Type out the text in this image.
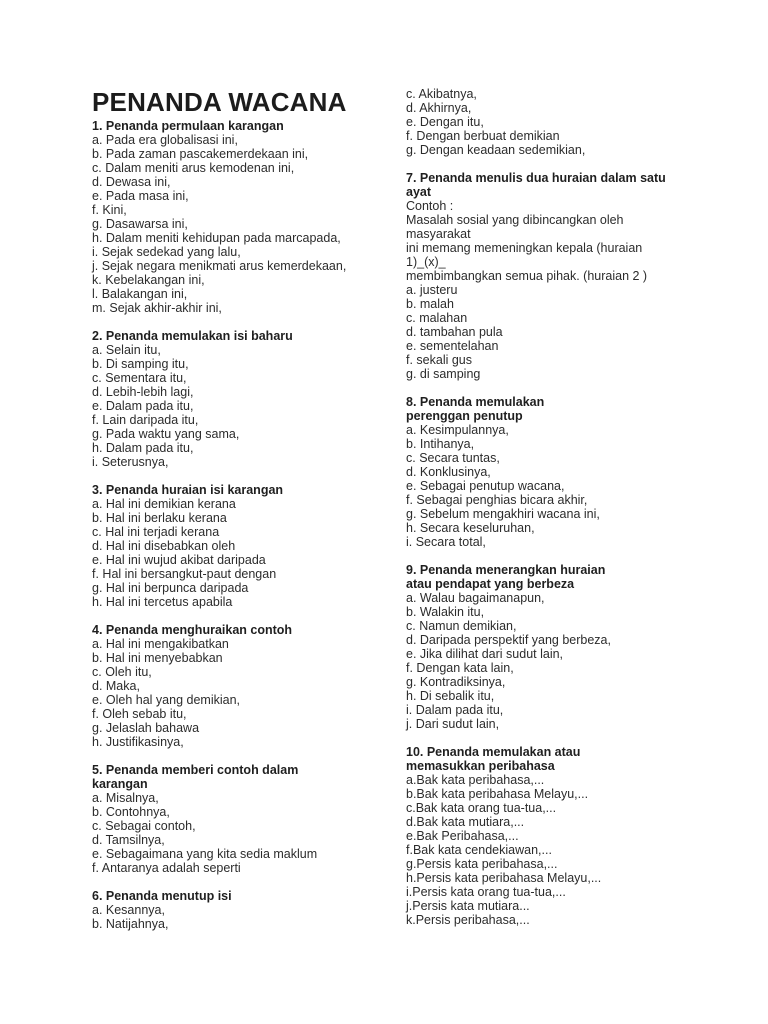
PENANDA WACANA
1. Penanda permulaan karangan
a. Pada era globalisasi ini,
b. Pada zaman pascakemerdekaan ini,
c. Dalam meniti arus kemodenan ini,
d. Dewasa ini,
e. Pada masa ini,
f. Kini,
g. Dasawarsa ini,
h. Dalam meniti kehidupan pada marcapada,
i. Sejak sedekad yang lalu,
j. Sejak negara menikmati arus kemerdekaan,
k. Kebelakangan ini,
l. Balakangan ini,
m. Sejak akhir-akhir ini,
2. Penanda memulakan isi baharu
a. Selain itu,
b. Di samping itu,
c. Sementara itu,
d. Lebih-lebih lagi,
e. Dalam pada itu,
f. Lain daripada itu,
g. Pada waktu yang sama,
h. Dalam pada itu,
i. Seterusnya,
3. Penanda huraian isi karangan
a. Hal ini demikian kerana
b. Hal ini berlaku kerana
c. Hal ini terjadi kerana
d. Hal ini disebabkan oleh
e. Hal ini wujud akibat daripada
f. Hal ini bersangkut-paut dengan
g. Hal ini berpunca daripada
h. Hal ini tercetus apabila
4. Penanda menghuraikan contoh
a. Hal ini mengakibatkan
b. Hal ini menyebabkan
c. Oleh itu,
d. Maka,
e. Oleh hal yang demikian,
f. Oleh sebab itu,
g. Jelaslah bahawa
h. Justifikasinya,
5. Penanda memberi contoh dalam
karangan
a. Misalnya,
b. Contohnya,
c. Sebagai contoh,
d. Tamsilnya,
e. Sebagaimana yang kita sedia maklum
f. Antaranya adalah seperti
6. Penanda menutup isi
a. Kesannya,
b. Natijahnya,
c. Akibatnya,
d. Akhirnya,
e. Dengan itu,
f. Dengan berbuat demikian
g. Dengan keadaan sedemikian,
7. Penanda menulis dua huraian dalam satu
ayat
Contoh :
Masalah sosial yang dibincangkan oleh
masyarakat
ini memang memeningkan kepala (huraian
1)_(x)_
membimbangkan semua pihak. (huraian 2 )
a. justeru
b. malah
c. malahan
d. tambahan pula
e. sementelahan
f. sekali gus
g. di samping
8. Penanda memulakan
perenggan penutup
a. Kesimpulannya,
b. Intihanya,
c. Secara tuntas,
d. Konklusinya,
e. Sebagai penutup wacana,
f. Sebagai penghias bicara akhir,
g. Sebelum mengakhiri wacana ini,
h. Secara keseluruhan,
i. Secara total,
9. Penanda menerangkan huraian
atau pendapat yang berbeza
a. Walau bagaimanapun,
b. Walakin itu,
c. Namun demikian,
d. Daripada perspektif yang berbeza,
e. Jika dilihat dari sudut lain,
f. Dengan kata lain,
g. Kontradiksinya,
h. Di sebalik itu,
i. Dalam pada itu,
j. Dari sudut lain,
10. Penanda memulakan atau
memasukkan peribahasa
a.Bak kata peribahasa,...
b.Bak kata peribahasa Melayu,...
c.Bak kata orang tua-tua,...
d.Bak kata mutiara,...
e.Bak Peribahasa,...
f.Bak kata cendekiawan,...
g.Persis kata peribahasa,...
h.Persis kata peribahasa Melayu,...
i.Persis kata orang tua-tua,...
j.Persis kata mutiara...
k.Persis peribahasa,...
